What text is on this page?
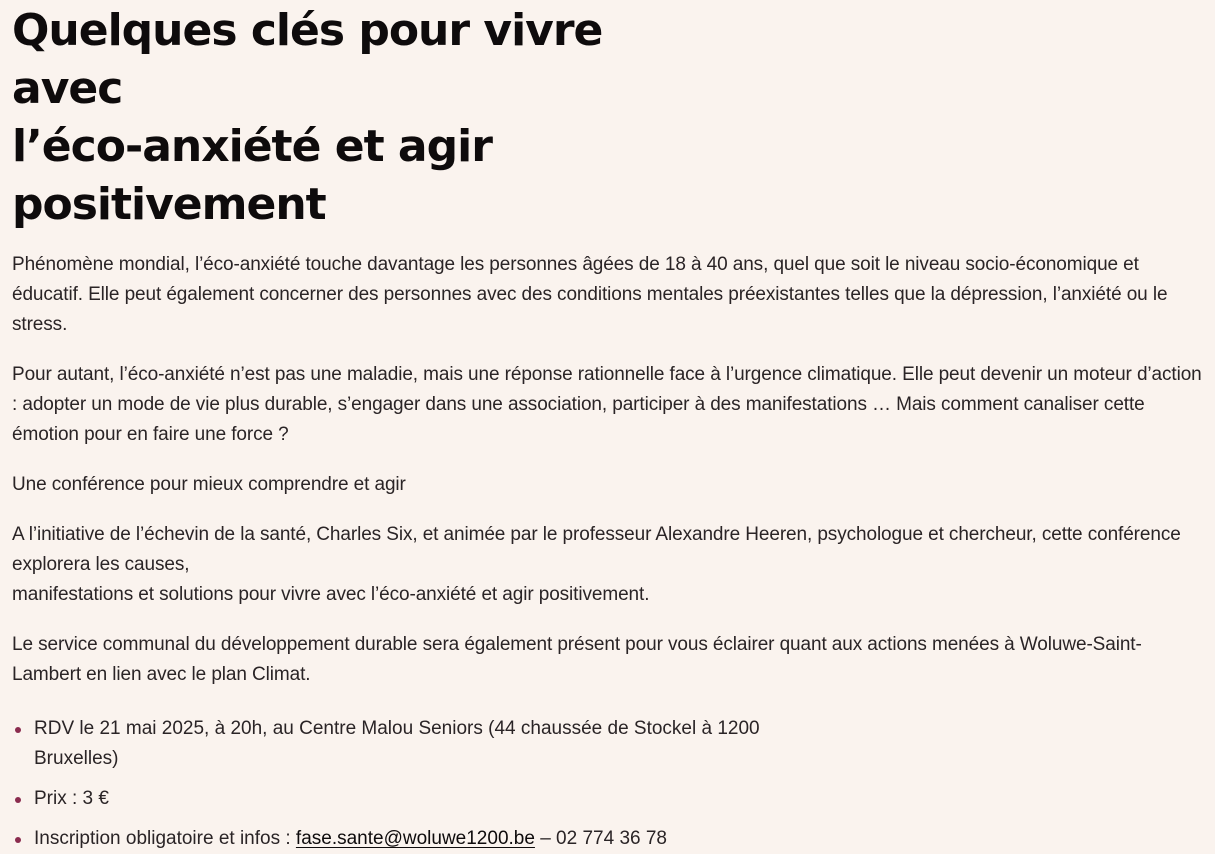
Quelques clés pour vivre avec
l’éco-anxiété et agir
positivement

Phénomène mondial, l’éco-anxiété touche davantage les personnes âgées de 18 à 40 ans, quel que soit le niveau socio-économique et éducatif. Elle peut également concerner des personnes avec des conditions mentales préexistantes telles que la dépression, l’anxiété ou le stress.

Pour autant, l’éco-anxiété n’est pas une maladie, mais une réponse rationnelle face à l’urgence climatique. Elle peut devenir un moteur d’action : adopter un mode de vie plus durable, s’engager dans une association, participer à des manifestations … Mais comment canaliser cette émotion pour en faire une force ?

Une conférence pour mieux comprendre et agir

A l’initiative de l’échevin de la santé, Charles Six, et animée par le professeur Alexandre Heeren, psychologue et chercheur, cette conférence explorera les causes,
manifestations et solutions pour vivre avec l’éco-anxiété et agir positivement.

Le service communal du développement durable sera également présent pour vous éclairer quant aux actions menées à Woluwe-Saint-Lambert en lien avec le plan Climat.

RDV le 21 mai 2025, à 20h, au Centre Malou Seniors (44 chaussée de Stockel à 1200 Bruxelles)
Prix : 3 €
Inscription obligatoire et infos : fase.sante@woluwe1200.be – 02 774 36 78
